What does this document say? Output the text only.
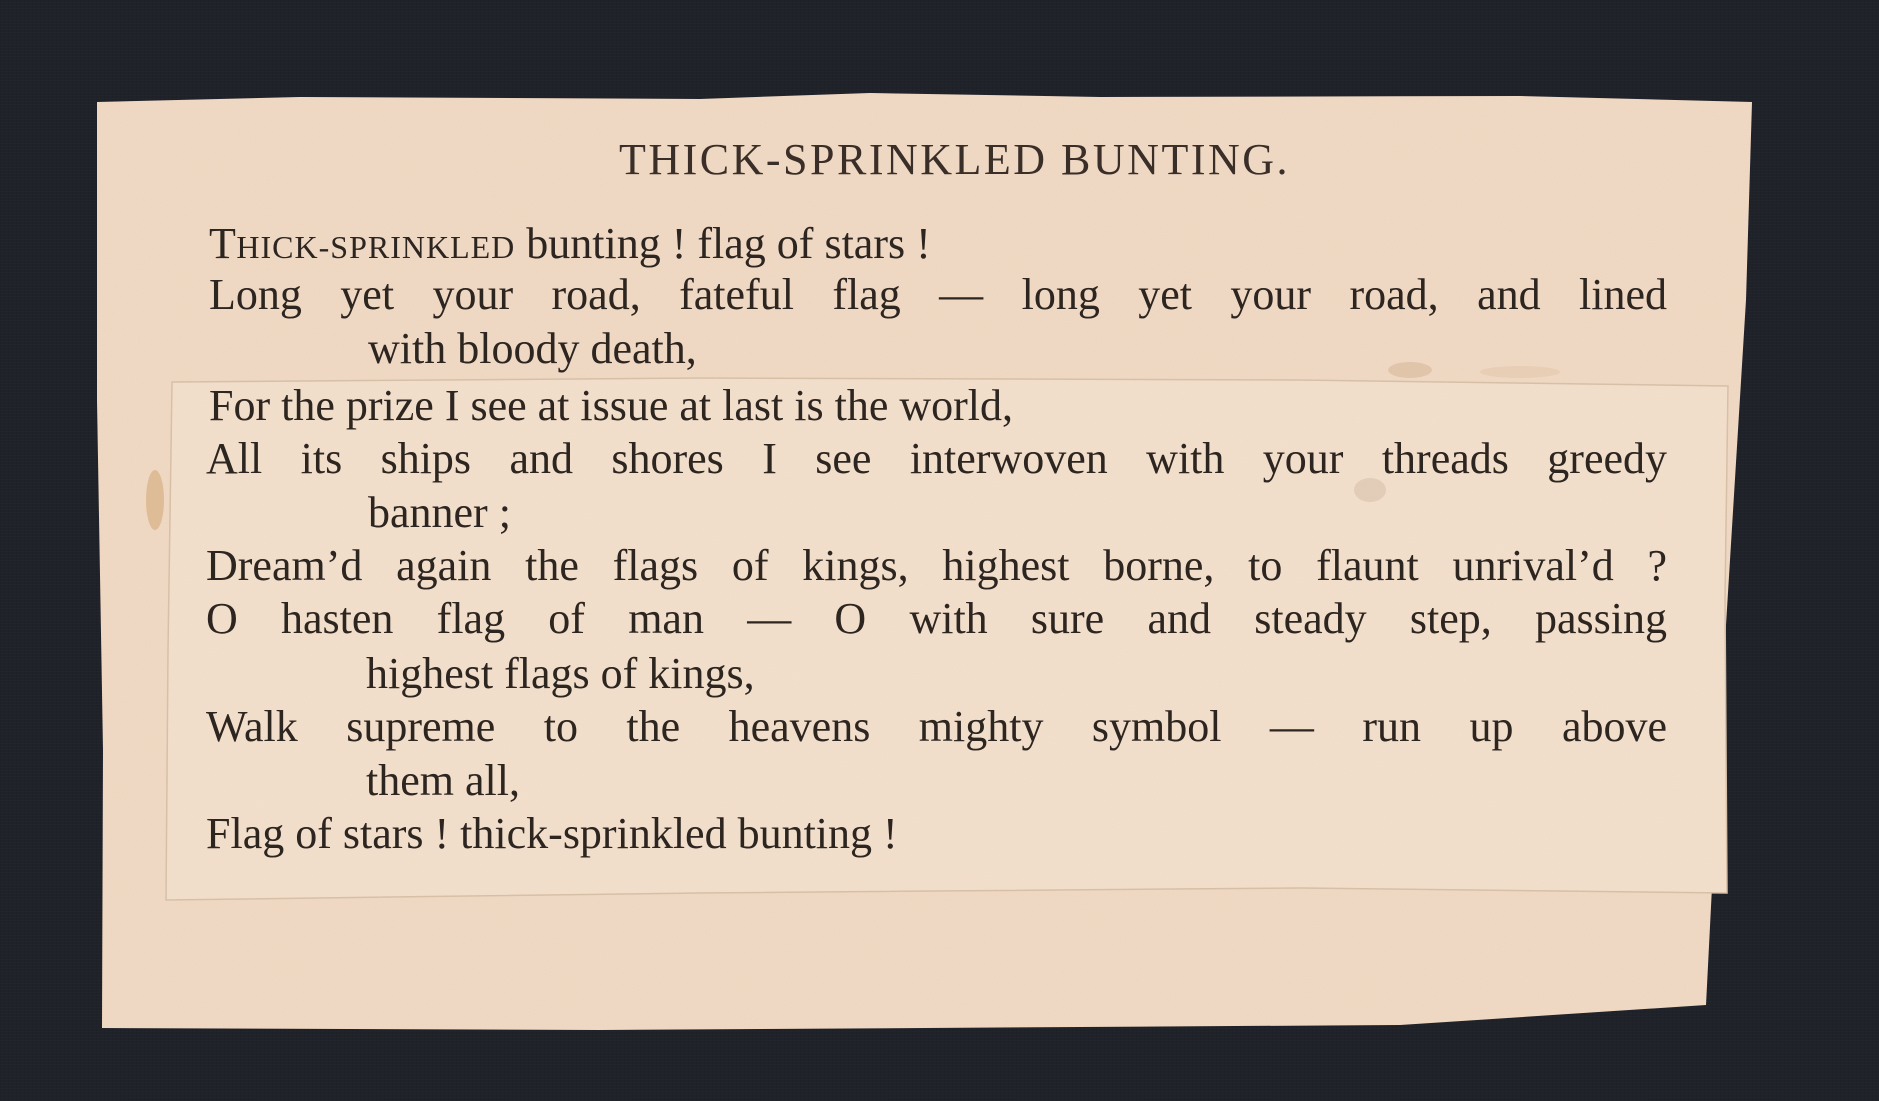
THICK-SPRINKLED BUNTING.

THICK-SPRINKLED bunting ! flag of stars !

Long yet your road, fateful flag — long yet your road, and lined

with bloody death,

For the prize I see at issue at last is the world,

All its ships and shores I see interwoven with your threads greedy

banner ;

Dream’d again the flags of kings, highest borne, to flaunt unrival’d ?

O hasten flag of man — O with sure and steady step, passing

highest flags of kings,

Walk supreme to the heavens mighty symbol — run up above

them all,

Flag of stars ! thick-sprinkled bunting !
